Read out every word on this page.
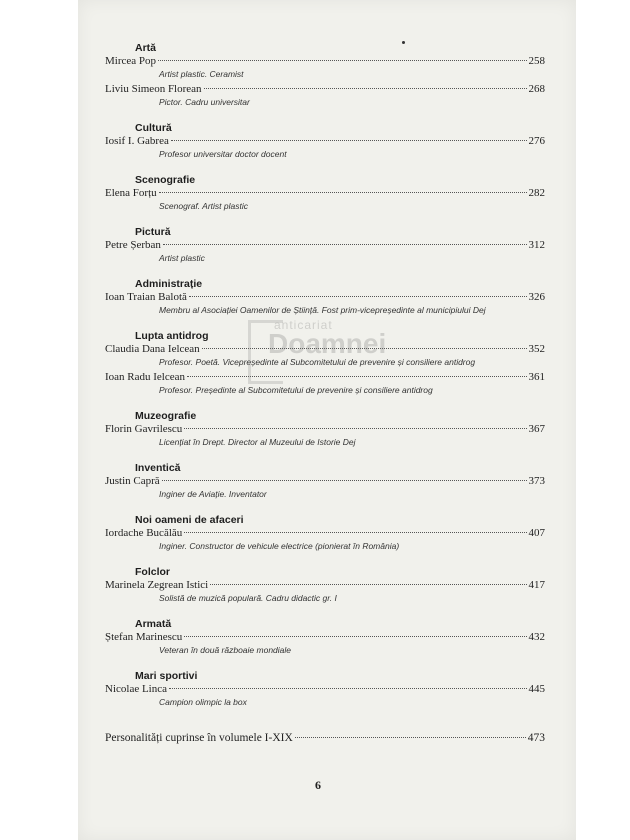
Artă
Mircea Pop	258
Artist plastic. Ceramist
Liviu Simeon Florean	268
Pictor. Cadru universitar
Cultură
Iosif I. Gabrea	276
Profesor universitar doctor docent
Scenografie
Elena Forțu	282
Scenograf. Artist plastic
Pictură
Petre Șerban	312
Artist plastic
Administrație
Ioan Traian Balotă	326
Membru al Asociației Oamenilor de Știință. Fost prim-vicepreședinte al municipiului Dej
Lupta antidrog
Claudia Dana Ielcean	352
Profesor. Poetă. Vicepreședinte al Subcomitetului de prevenire și consiliere antidrog
Ioan Radu Ielcean	361
Profesor. Președinte al Subcomitetului de prevenire și consiliere antidrog
Muzeografie
Florin Gavrilescu	367
Licențiat în Drept. Director al Muzeului de Istorie Dej
Inventică
Justin Capră	373
Inginer de Aviație. Inventator
Noi oameni de afaceri
Iordache Bucălău	407
Inginer. Constructor de vehicule electrice (pionierat în România)
Folclor
Marinela Zegrean Istici	417
Solistă de muzică populară. Cadru didactic gr. I
Armată
Ștefan Marinescu	432
Veteran în două războaie mondiale
Mari sportivi
Nicolae Linca	445
Campion olimpic la box
Personalități cuprinse în volumele I-XIX	473
anticariat
Doamnei
6
